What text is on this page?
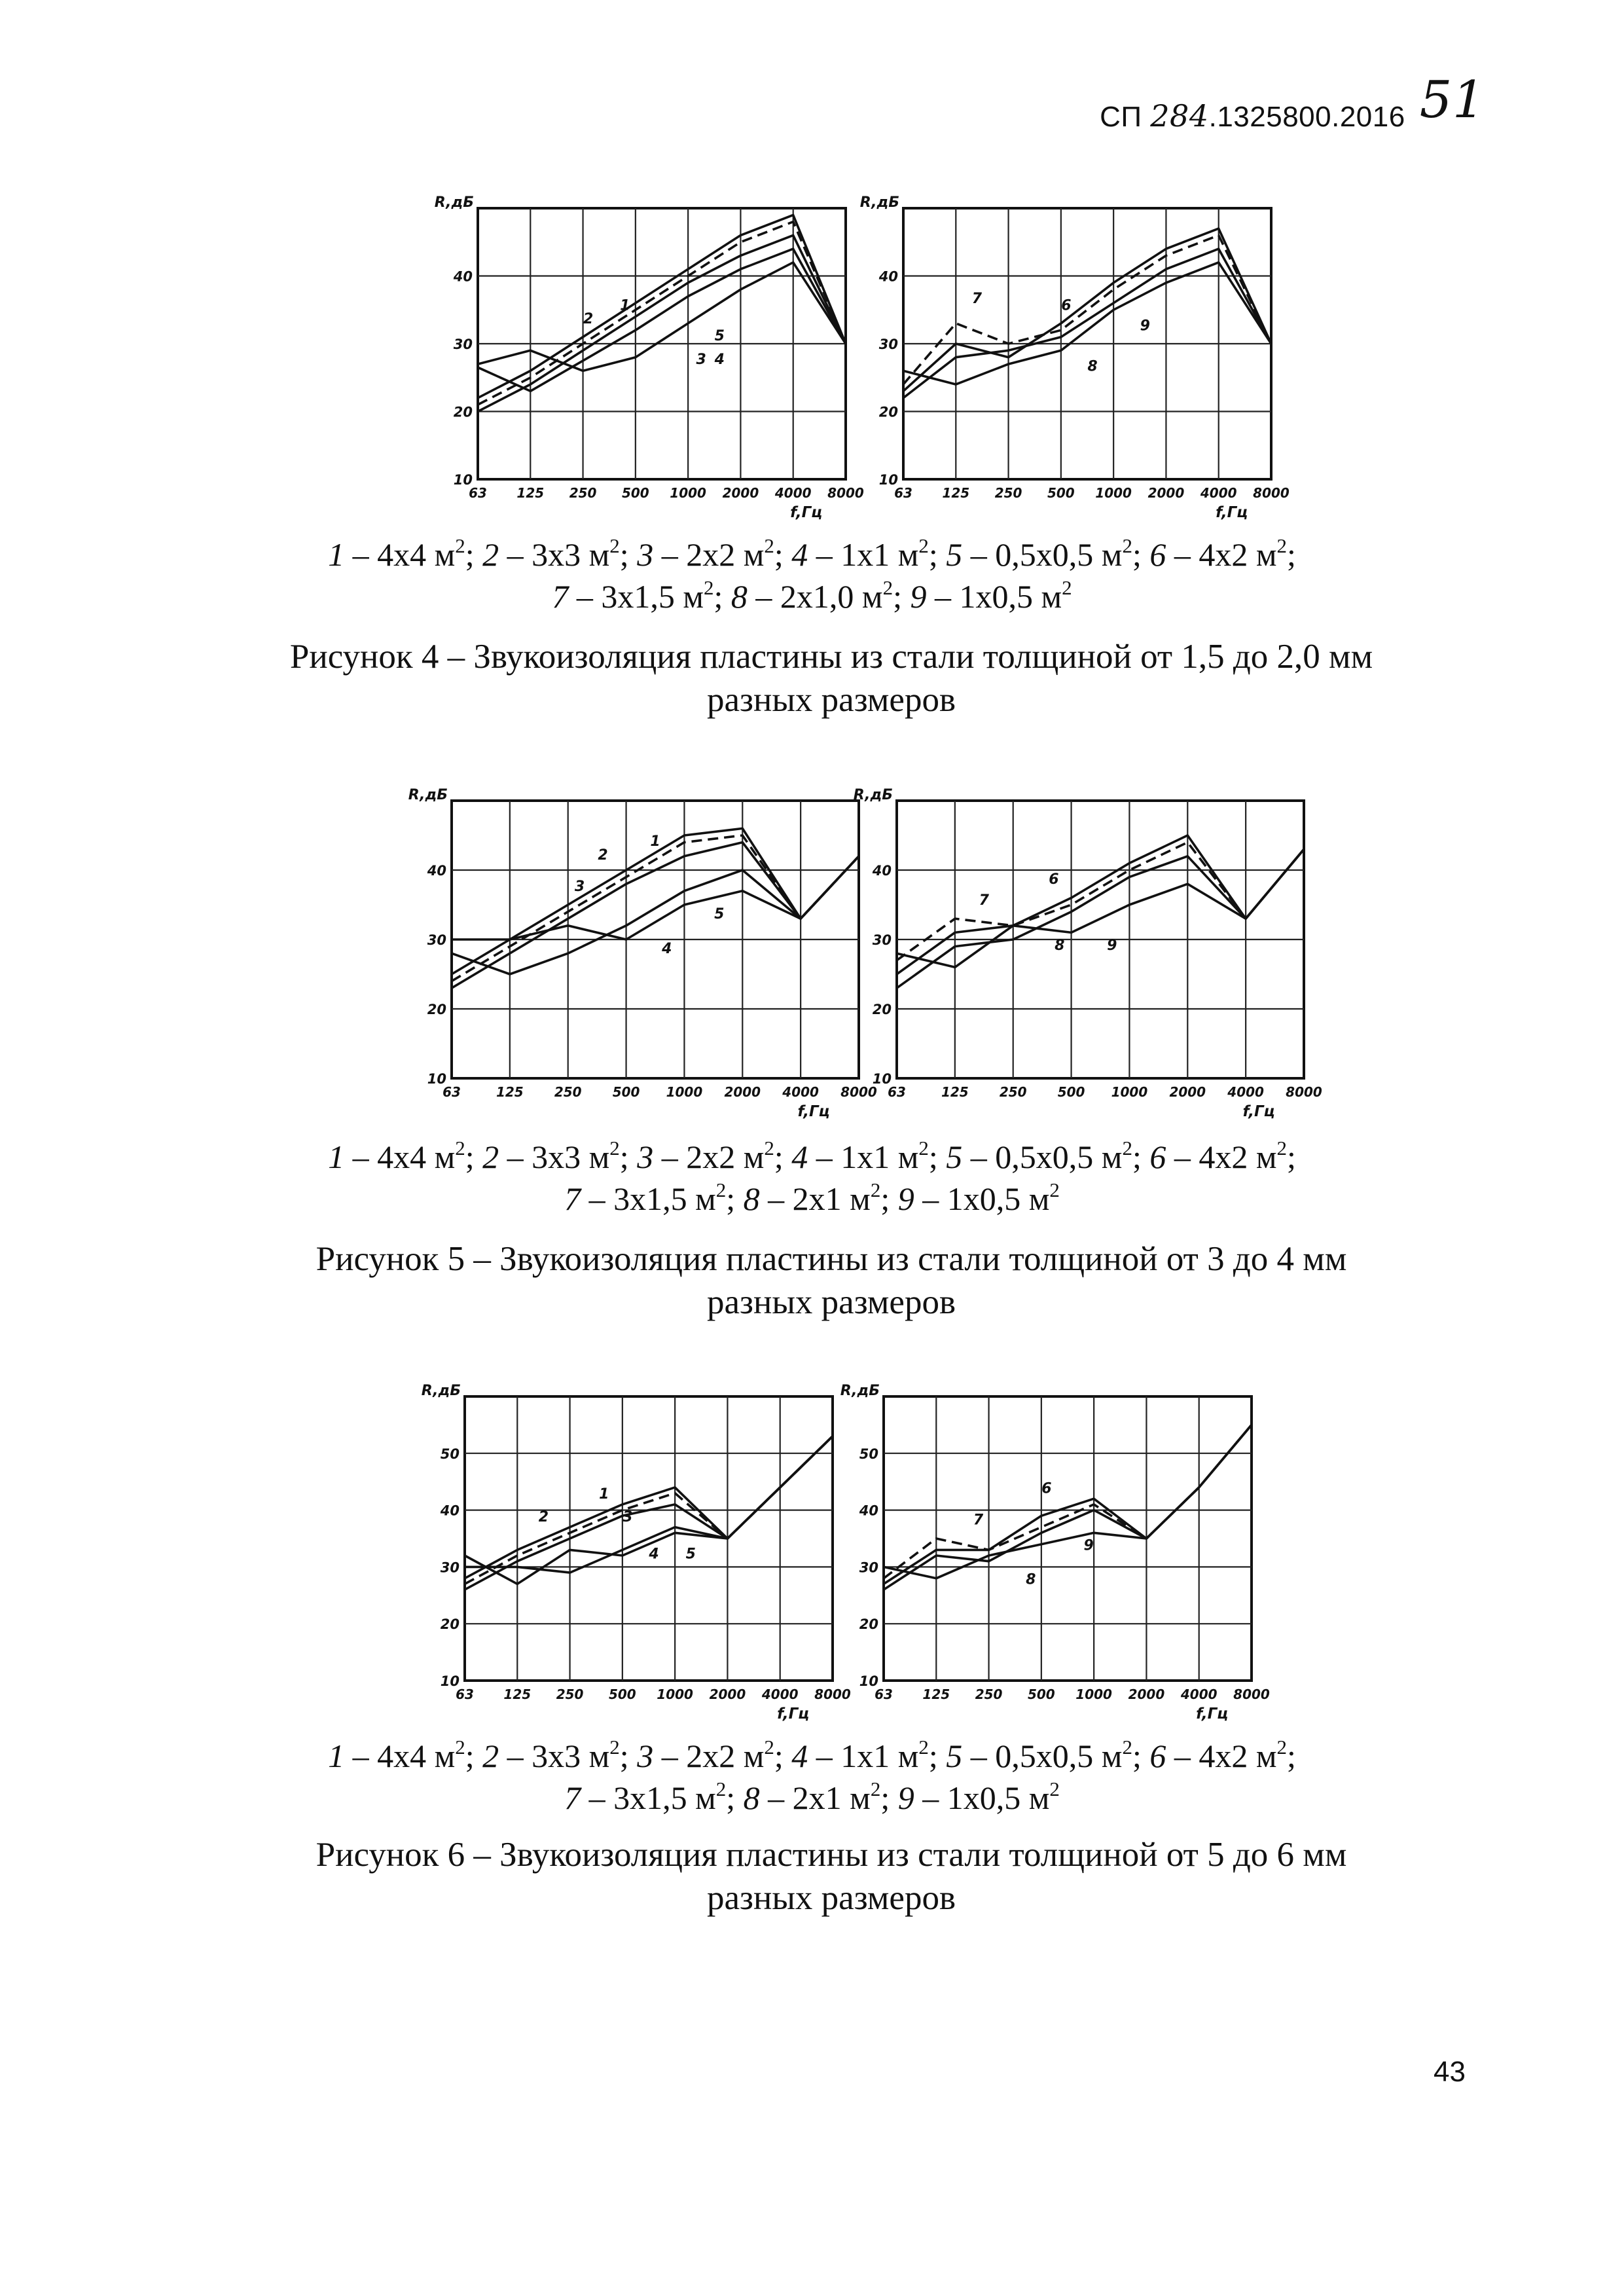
СП 284.1325800.2016 51
10
20
30
40
63 125 250 500 1000 2000 4000 8000
R,дБ
f,Гц
2
1
5
3 4
10
20
30
40
63 125 250 500 1000 2000 4000 8000
R,дБ
f,Гц
7	6
9
8
1 – 4х4 $м^2$; 2 – 3х3 $м^2$; 3 – 2х2 $м^2$; 4 – 1х1 $м^2$; 5 – 0,5х0,5 $м^2$; 6 – 4х2 $м^2$;
7 – 3х1,5 $м^2$; 8 – 2х1,0 $м^2$; 9 – 1х0,5 $м^2$
Рисунок 4 – Звукоизоляция пластины из стали толщиной от 1,5 до 2,0 мм
разных размеров
10
20
30
40
63	125 250 500 1000 2000 4000 8000
R,дБ
f,Гц
2
1
3
4
5
10
20
30
40
63	125 250 500 1000 2000 4000 8000
R,дБ
f,Гц
7
6
8	9
1 – 4х4 $м^2$; 2 – 3х3 $м^2$; 3 – 2х2 $м^2$; 4 – 1х1 $м^2$; 5 – 0,5х0,5 $м^2$; 6 – 4х2 $м^2$;
7 – 3х1,5 $м^2$; 8 – 2х1 $м^2$; 9 – 1х0,5 $м^2$
Рисунок 5 – Звукоизоляция пластины из стали толщиной от 3 до 4 мм
разных размеров
10
20
30
40
50
63 125 250 500 1000 2000 4000 8000
R,дБ
f,Гц
1
2	3
4 5
10
20
30
40
50
63 125 250 500 1000 2000 4000 8000
R,дБ
f,Гц
7
6
8
9
1 – 4х4 $м^2$; 2 – 3х3 $м^2$; 3 – 2х2 $м^2$; 4 – 1х1 $м^2$; 5 – 0,5х0,5 $м^2$; 6 – 4х2 $м^2$;
7 – 3х1,5 $м^2$; 8 – 2х1 $м^2$; 9 – 1х0,5 $м^2$
Рисунок 6 – Звукоизоляция пластины из стали толщиной от 5 до 6 мм
разных размеров
43
